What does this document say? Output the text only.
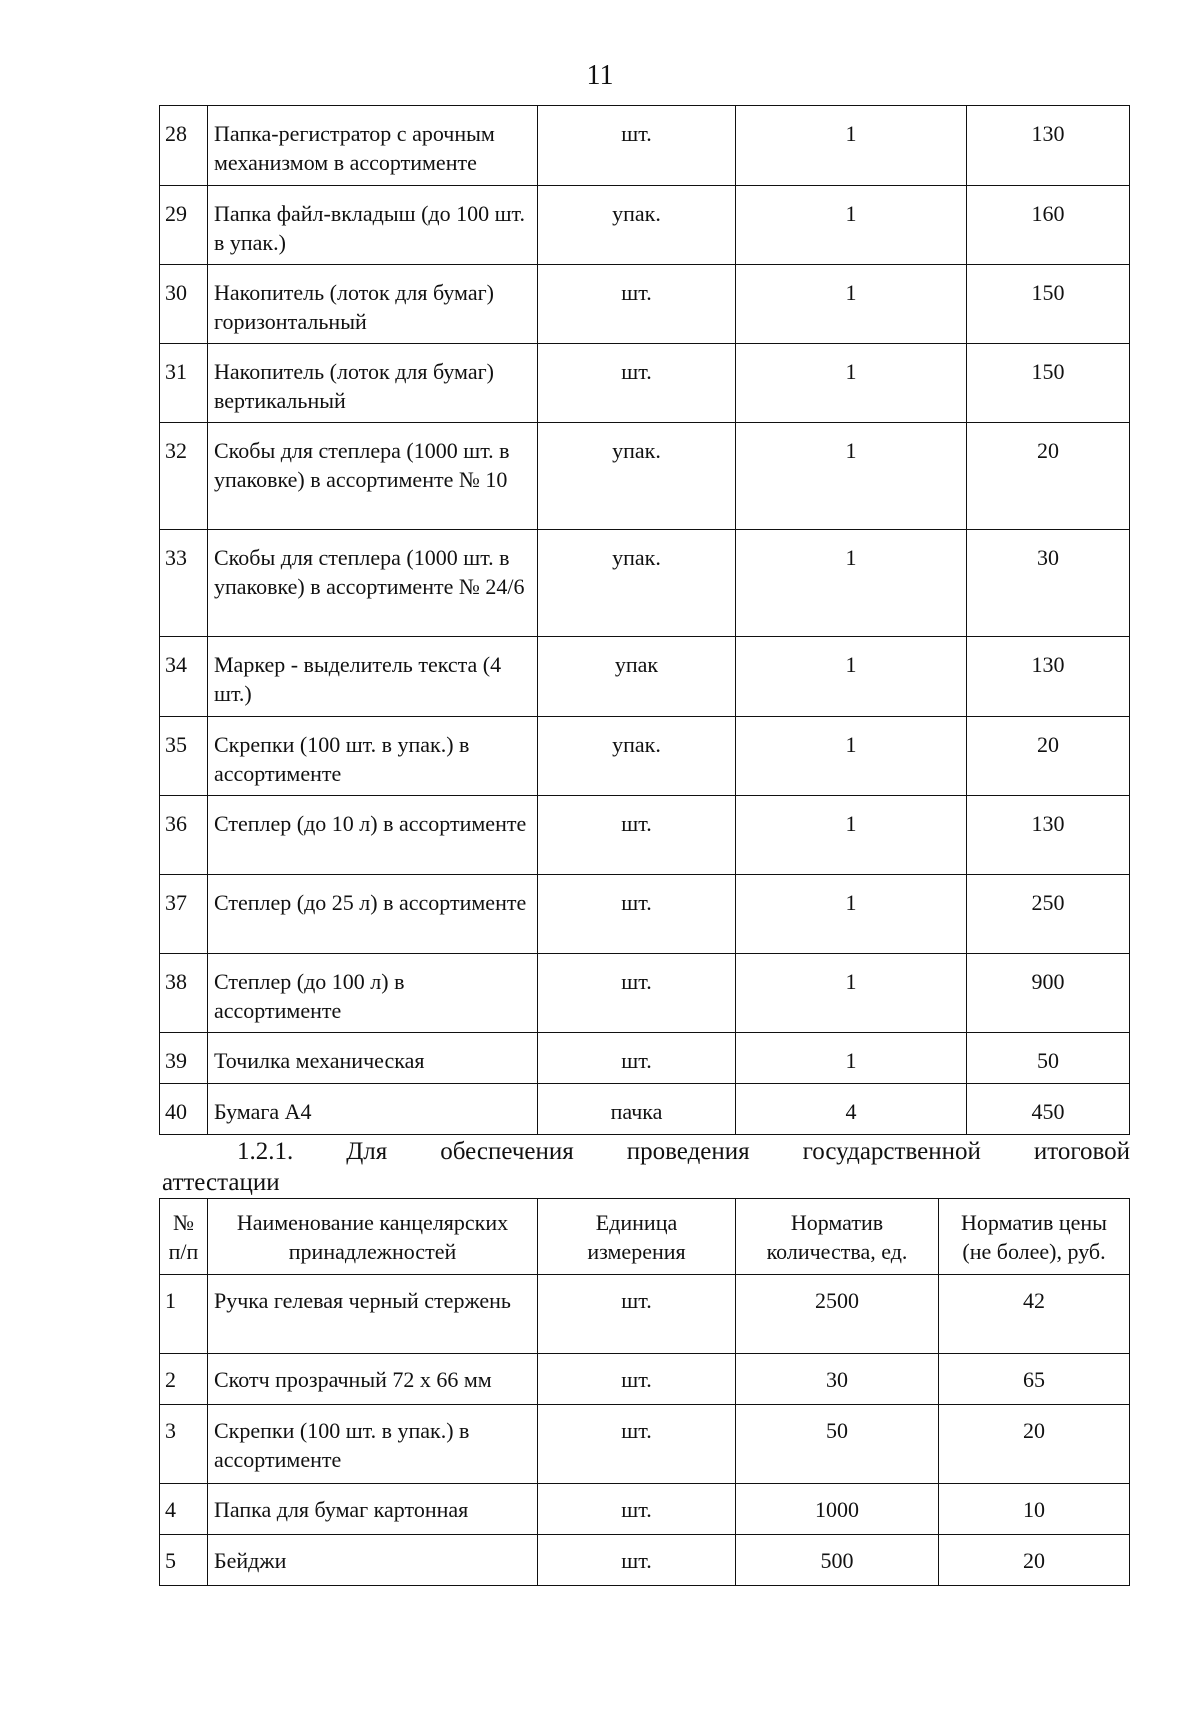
11
28	Папка-регистратор с арочным механизмом в ассортименте	шт.	1	130
29	Папка файл-вкладыш (до 100 шт. в упак.)	упак.	1	160
30	Накопитель (лоток для бумаг) горизонтальный	шт.	1	150
31	Накопитель (лоток для бумаг) вертикальный	шт.	1	150
32	Скобы для степлера (1000 шт. в упаковке) в ассортименте № 10	упак.	1	20
33	Скобы для степлера (1000 шт. в упаковке) в ассортименте № 24/6	упак.	1	30
34	Маркер - выделитель текста (4 шт.)	упак	1	130
35	Скрепки (100 шт. в упак.) в ассортименте	упак.	1	20
36	Степлер (до 10 л) в ассортименте	шт.	1	130
37	Степлер (до 25 л) в ассортименте	шт.	1	250
38	Степлер (до 100 л) в ассортименте	шт.	1	900
39	Точилка механическая	шт.	1	50
40	Бумага А4	пачка	4	450
1.2.1. Для обеспечения проведения государственной итоговой
аттестации
№ п/п	Наименование канцелярских принадлежностей	Единица измерения	Норматив количества, ед.	Норматив цены (не более), руб.
1	Ручка гелевая черный стержень	шт.	2500	42
2	Скотч прозрачный 72 x 66 мм	шт.	30	65
3	Скрепки (100 шт. в упак.) в ассортименте	шт.	50	20
4	Папка для бумаг картонная	шт.	1000	10
5	Бейджи	шт.	500	20
